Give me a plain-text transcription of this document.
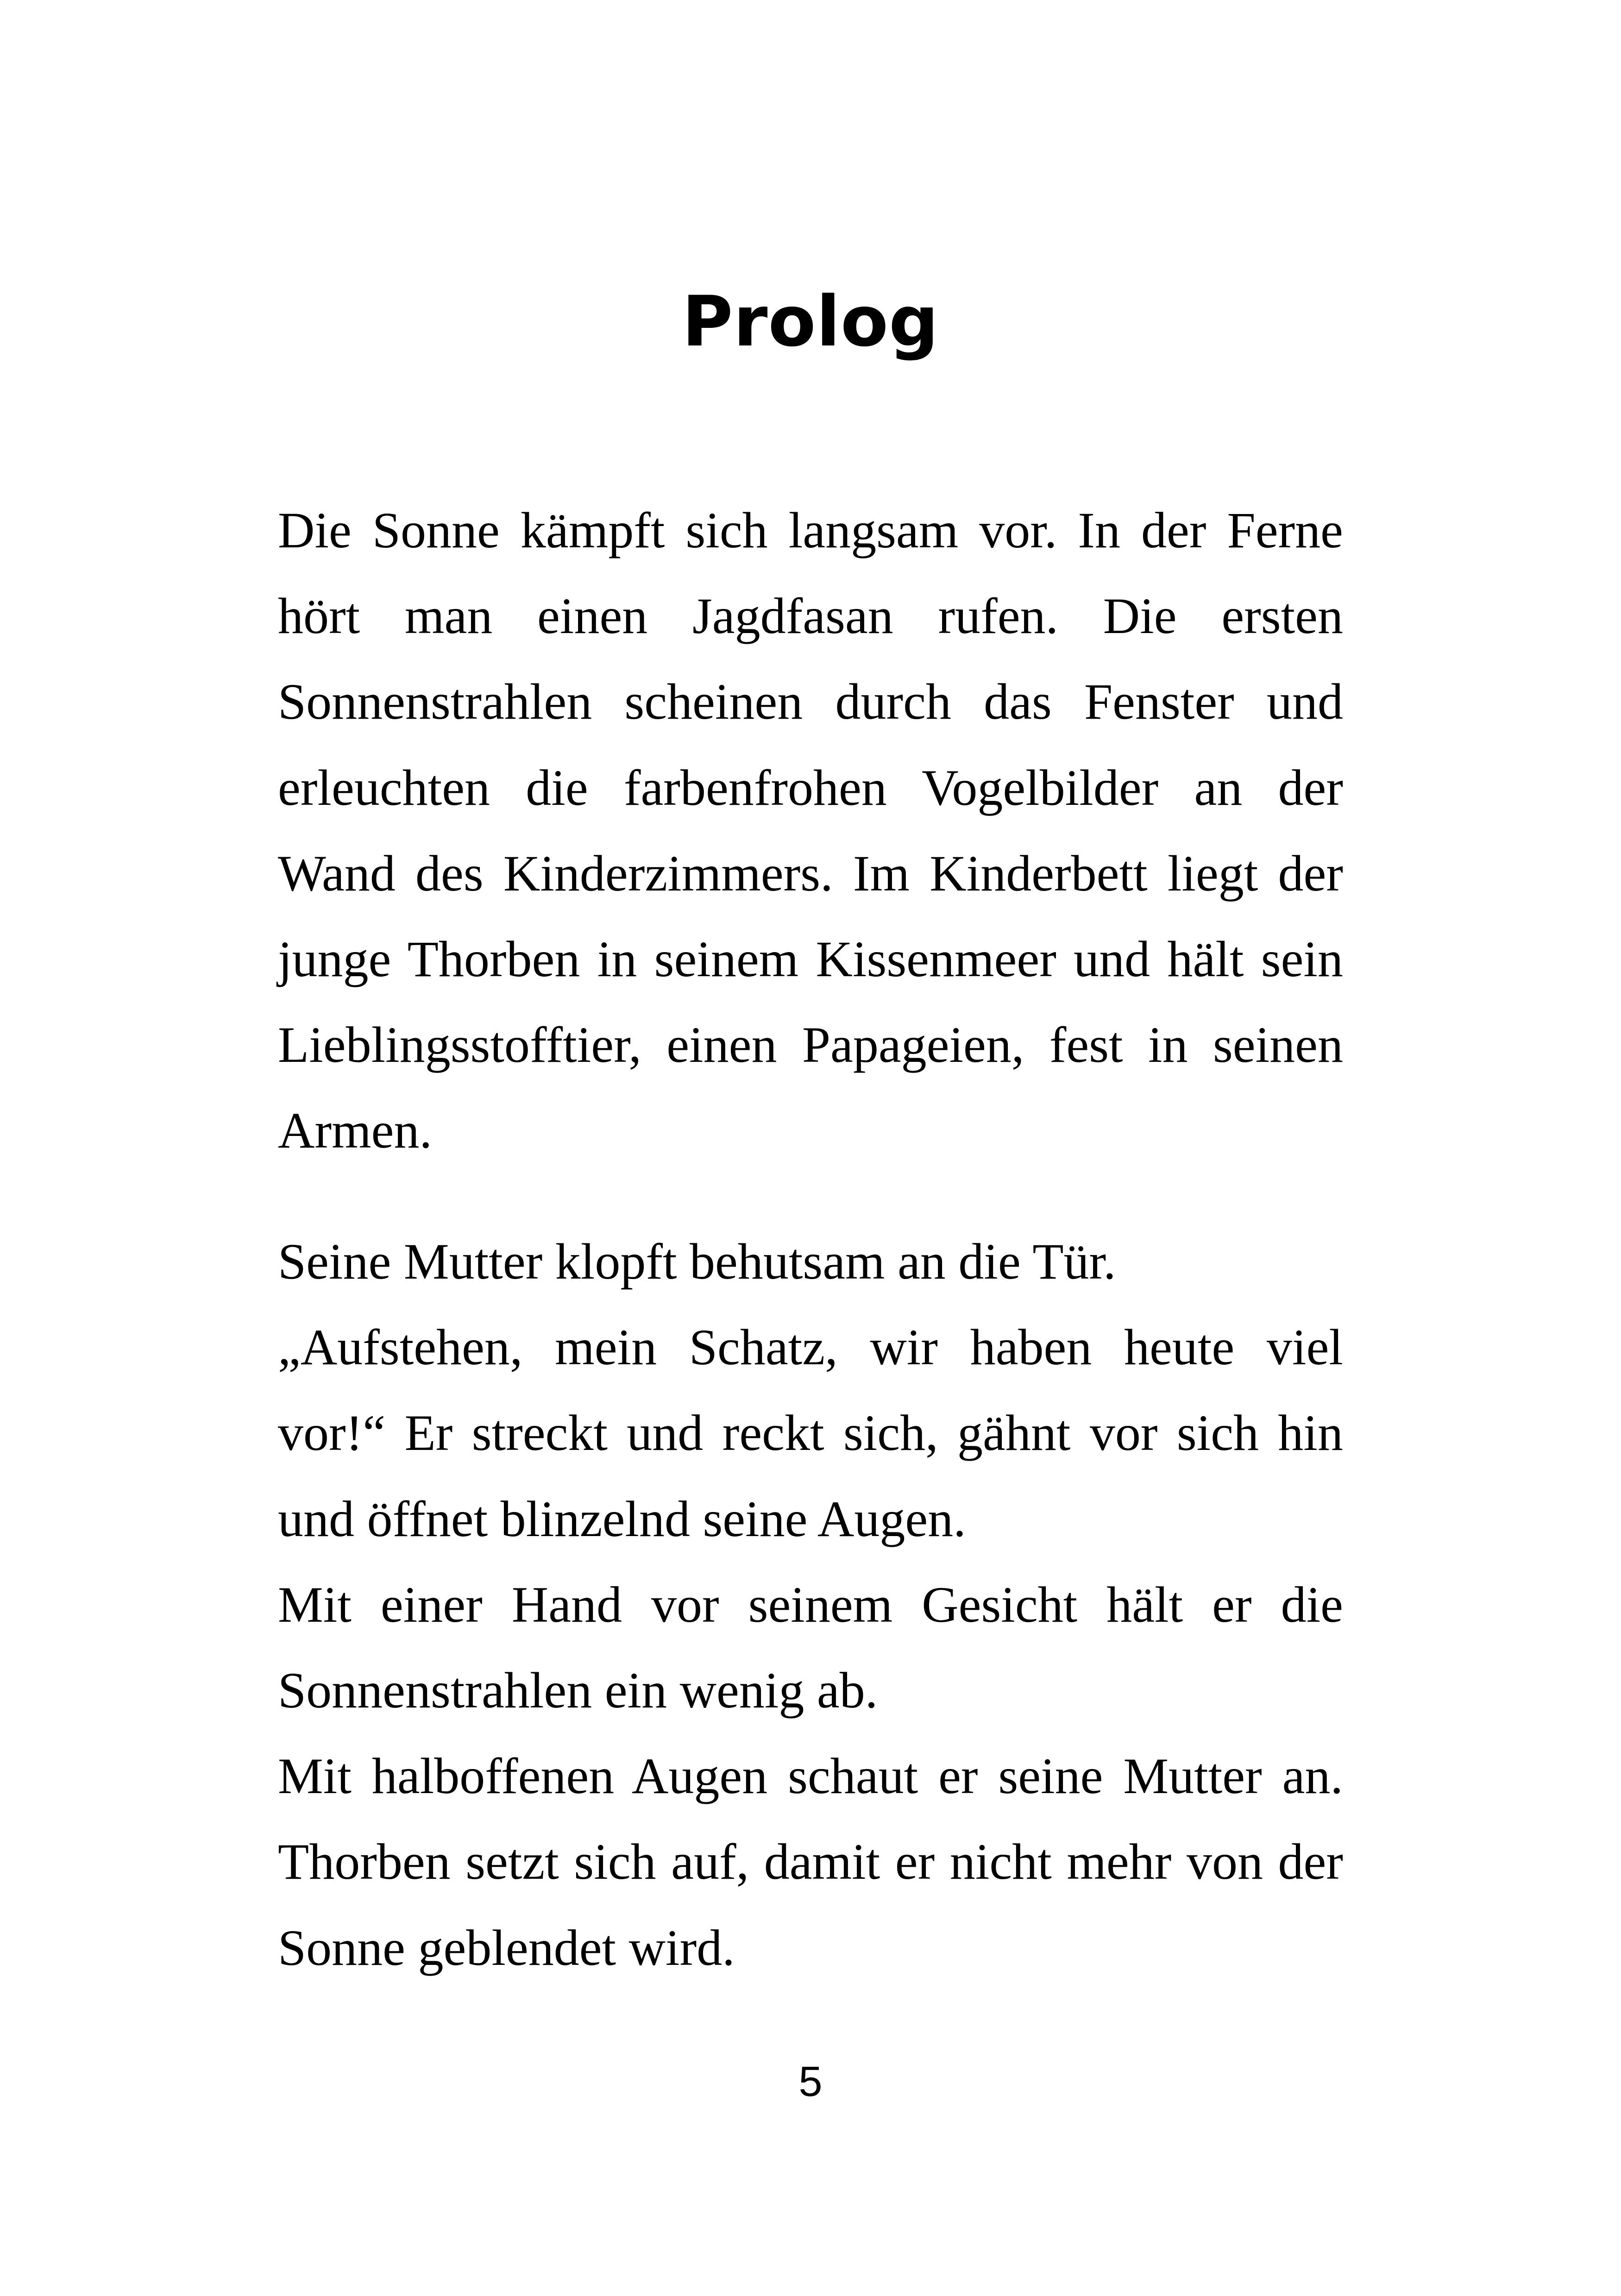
Prolog
Die Sonne kämpft sich langsam vor. In der Ferne
hört man einen Jagdfasan rufen. Die ersten
Sonnenstrahlen scheinen durch das Fenster und
erleuchten die farbenfrohen Vogelbilder an der
Wand des Kinderzimmers. Im Kinderbett liegt der
junge Thorben in seinem Kissenmeer und hält sein
Lieblingsstofftier, einen Papageien, fest in seinen
Armen.
Seine Mutter klopft behutsam an die Tür.
„Aufstehen, mein Schatz, wir haben heute viel
vor!“ Er streckt und reckt sich, gähnt vor sich hin
und öffnet blinzelnd seine Augen.
Mit einer Hand vor seinem Gesicht hält er die
Sonnenstrahlen ein wenig ab.
Mit halboffenen Augen schaut er seine Mutter an.
Thorben setzt sich auf, damit er nicht mehr von der
Sonne geblendet wird.
5
